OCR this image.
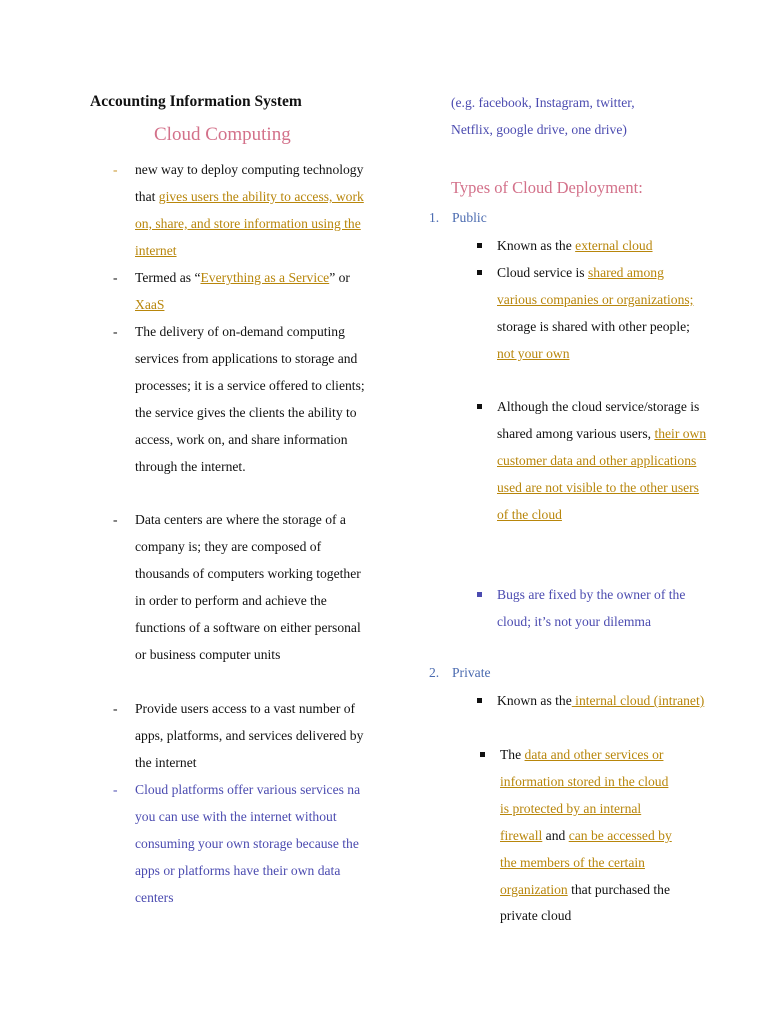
Accounting Information System
Cloud Computing
- new way to deploy computing technology that gives users the ability to access, work on, share, and store information using the internet
- Termed as “Everything as a Service” or XaaS
- The delivery of on-demand computing services from applications to storage and processes; it is a service offered to clients; the service gives the clients the ability to access, work on, and share information through the internet.
- Data centers are where the storage of a company is; they are composed of thousands of computers working together in order to perform and achieve the functions of a software on either personal or business computer units
- Provide users access to a vast number of apps, platforms, and services delivered by the internet
- Cloud platforms offer various services na you can use with the internet without consuming your own storage because the apps or platforms have their own data centers
(e.g. facebook, Instagram, twitter,
Netflix, google drive, one drive)
Types of Cloud Deployment:
1. Public
Known as the external cloud
Cloud service is shared among various companies or organizations; storage is shared with other people; not your own
Although the cloud service/storage is shared among various users, their own customer data and other applications used are not visible to the other users of the cloud
Bugs are fixed by the owner of the cloud; it’s not your dilemma
2. Private
Known as the internal cloud (intranet)
The data and other services or information stored in the cloud is protected by an internal firewall and can be accessed by the members of the certain organization that purchased the private cloud
